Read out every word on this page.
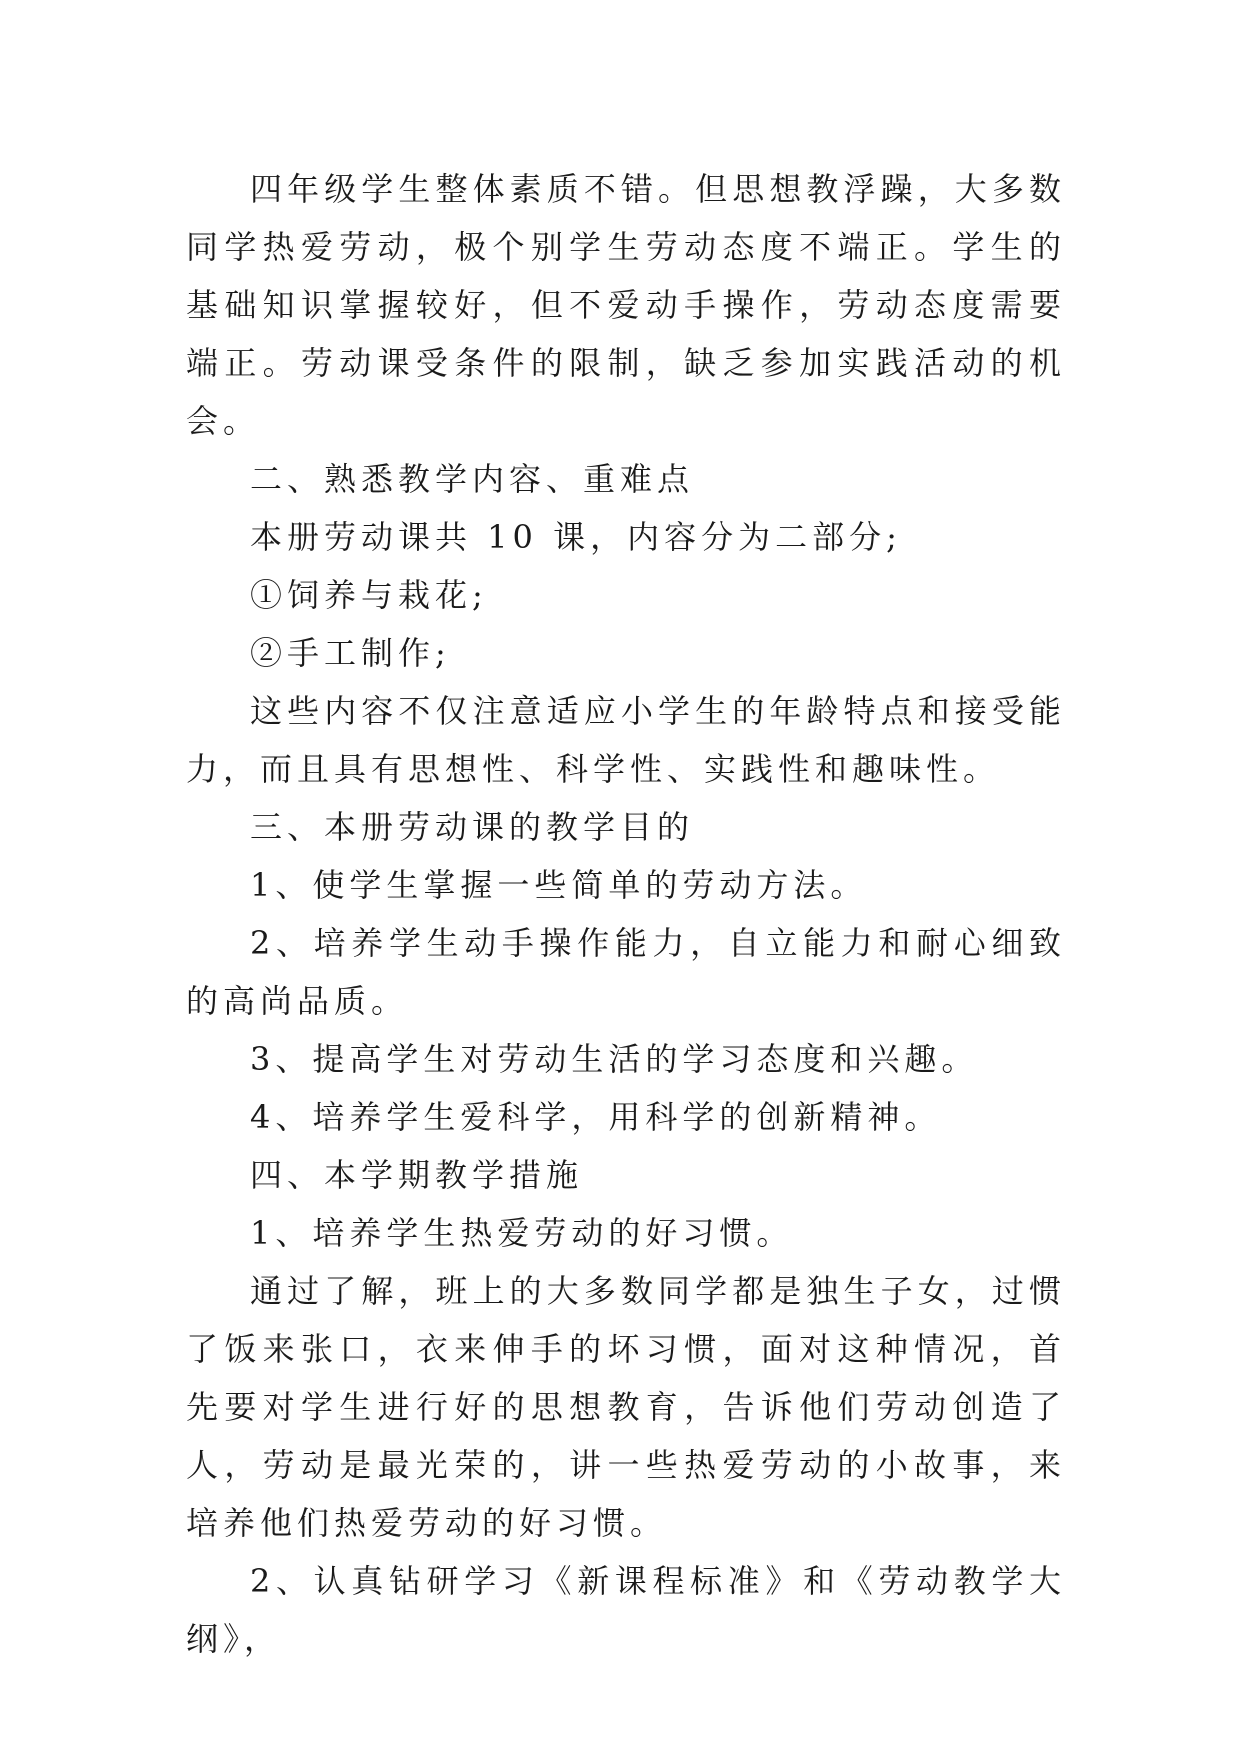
四年级学生整体素质不错。但思想教浮躁，大多数同学热爱劳动，极个别学生劳动态度不端正。学生的基础知识掌握较好，但不爱动手操作，劳动态度需要端正。劳动课受条件的限制，缺乏参加实践活动的机会。

二、熟悉教学内容、重难点

本册劳动课共 10 课，内容分为二部分;

①饲养与栽花;

②手工制作;

这些内容不仅注意适应小学生的年龄特点和接受能力，而且具有思想性、科学性、实践性和趣味性。

三、本册劳动课的教学目的

1、使学生掌握一些简单的劳动方法。

2、培养学生动手操作能力，自立能力和耐心细致的高尚品质。

3、提高学生对劳动生活的学习态度和兴趣。

4、培养学生爱科学，用科学的创新精神。

四、本学期教学措施

1、培养学生热爱劳动的好习惯。

通过了解，班上的大多数同学都是独生子女，过惯了饭来张口，衣来伸手的坏习惯，面对这种情况，首先要对学生进行好的思想教育，告诉他们劳动创造了人，劳动是最光荣的，讲一些热爱劳动的小故事，来培养他们热爱劳动的好习惯。

2、认真钻研学习《新课程标准》和《劳动教学大纲》，
